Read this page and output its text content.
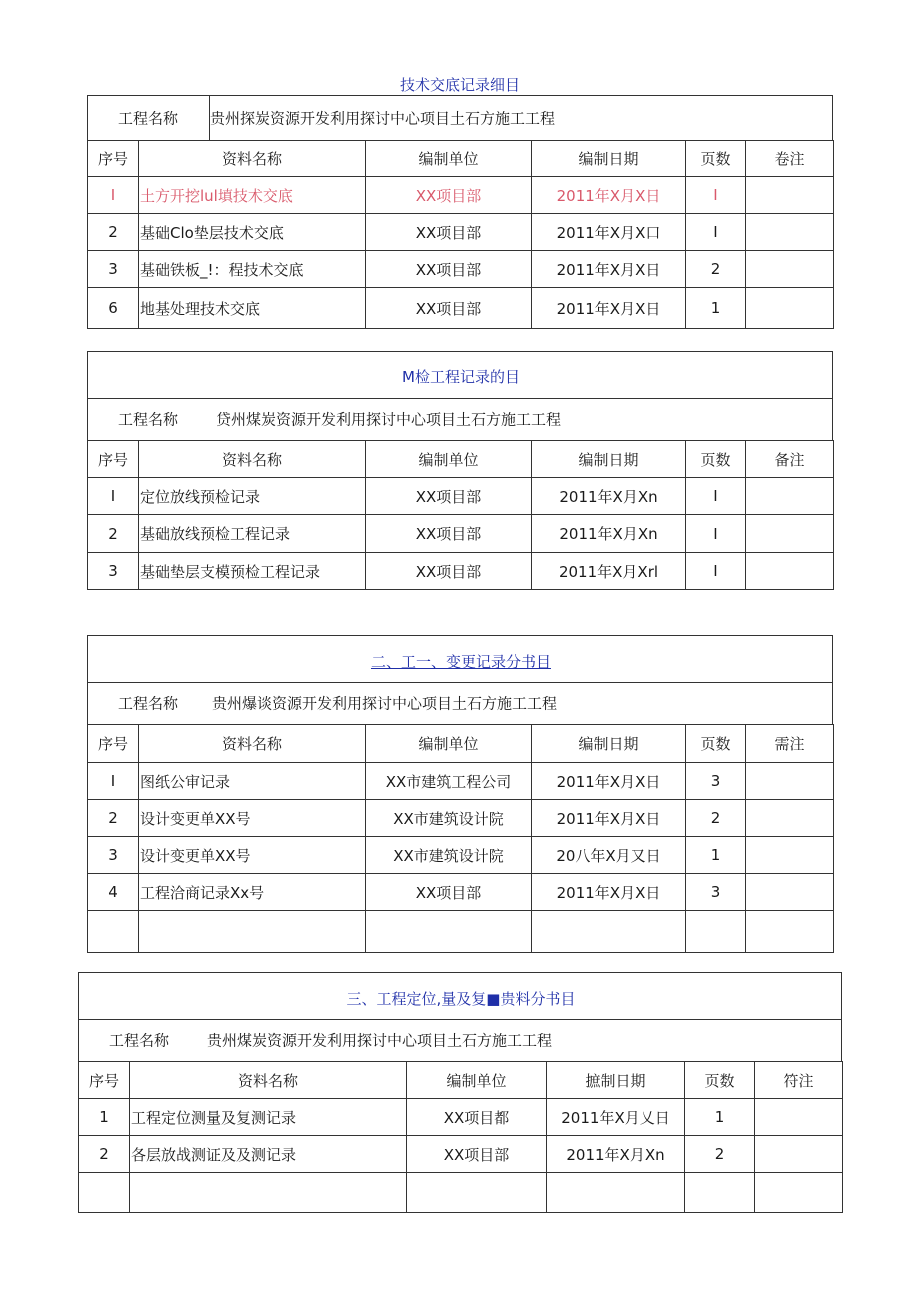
技术交底记录细目
工程名称 贵州探炭资源开发利用探讨中心项目土石方施工工程
序号	资料名称	编制单位	编制日期	页数	卷注
I	土方开挖lul填技术交底	XX项目部	2011年X月X日	I	
2	基础Clo垫层技术交底	XX项目部	2011年X月X口	I	
3	基础铁板_!：程技术交底	XX项目部	2011年X月X日	2	
6	地基处理技术交底	XX项目部	2011年X月X日	1	
M检工程记录的目
工程名称	贷州煤炭资源开发利用探讨中心项目土石方施工工程
序号	资料名称	编制单位	编制日期	页数	备注
I	定位放线预检记录	XX项目部	2011年X月Xn	I	
2	基础放线预检工程记录	XX项目部	2011年X月Xn	I	
3	基础垫层支模预检工程记录	XX项目部	2011年X月Xrl	I	
二、工一、变更记录分书目
工程名称 贵州爆谈资源开发利用探讨中心项目土石方施工工程
序号	资料名称	编制单位	编制日期	页数	需注
I	图纸公审记录	XX市建筑工程公司	2011年X月X日	3	
2	设计变更单XX号	XX市建筑设计院	2011年X月X日	2	
3	设计变更单XX号	XX市建筑设计院	20八年X月又日	1	
4	工程洽商记录Xx号	XX项目部	2011年X月X日	3	

三、工程定位,量及复■贵料分书目
工程名称	贵州煤炭资源开发利用探讨中心项目土石方施工工程
序号	资料名称	编制单位	摭制日期	页数	符注
1	工程定位测量及复测记录	XX项目都	2011年X月乂日	1	
2	各层放战测证及及测记录	XX项目部	2011年X月Xn	2	
